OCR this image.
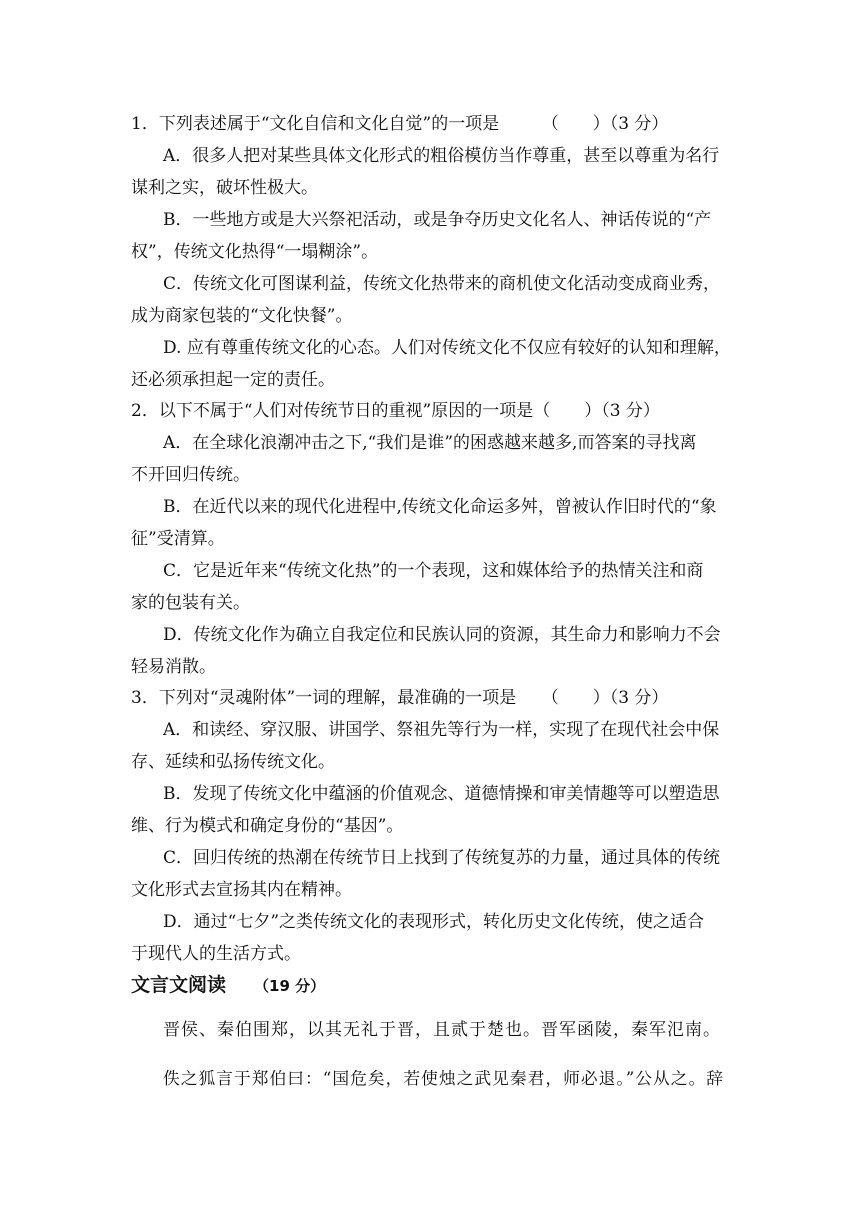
1．下列表述属于“文化自信和文化自觉”的一项是　　　（　　）（3 分）
A．很多人把对某些具体文化形式的粗俗模仿当作尊重，甚至以尊重为名行
谋利之实，破坏性极大。
B．一些地方或是大兴祭祀活动，或是争夺历史文化名人、神话传说的“产
权”，传统文化热得“一塌糊涂”。
C．传统文化可图谋利益，传统文化热带来的商机使文化活动变成商业秀，
成为商家包装的“文化快餐”。
D. 应有尊重传统文化的心态。人们对传统文化不仅应有较好的认知和理解，
还必须承担起一定的责任。
2．以下不属于“人们对传统节日的重视”原因的一项是（　　）（3 分）
A．在全球化浪潮冲击之下,“我们是谁”的困惑越来越多,而答案的寻找离
不开回归传统。
B．在近代以来的现代化进程中,传统文化命运多舛，曾被认作旧时代的“象
征”受清算。
C．它是近年来“传统文化热”的一个表现，这和媒体给予的热情关注和商
家的包装有关。
D．传统文化作为确立自我定位和民族认同的资源，其生命力和影响力不会
轻易消散。
3．下列对“灵魂附体”一词的理解，最准确的一项是　　（　　）（3 分）
A．和读经、穿汉服、讲国学、祭祖先等行为一样，实现了在现代社会中保
存、延续和弘扬传统文化。
B．发现了传统文化中蕴涵的价值观念、道德情操和审美情趣等可以塑造思
维、行为模式和确定身份的“基因”。
C．回归传统的热潮在传统节日上找到了传统复苏的力量，通过具体的传统
文化形式去宣扬其内在精神。
D．通过“七夕”之类传统文化的表现形式，转化历史文化传统，使之适合
于现代人的生活方式。
文言文阅读 （19 分）
晋侯、秦伯围郑，以其无礼于晋，且贰于楚也。晋军函陵，秦军氾南。
佚之狐言于郑伯曰：“国危矣，若使烛之武见秦君，师必退。”公从之。辞
